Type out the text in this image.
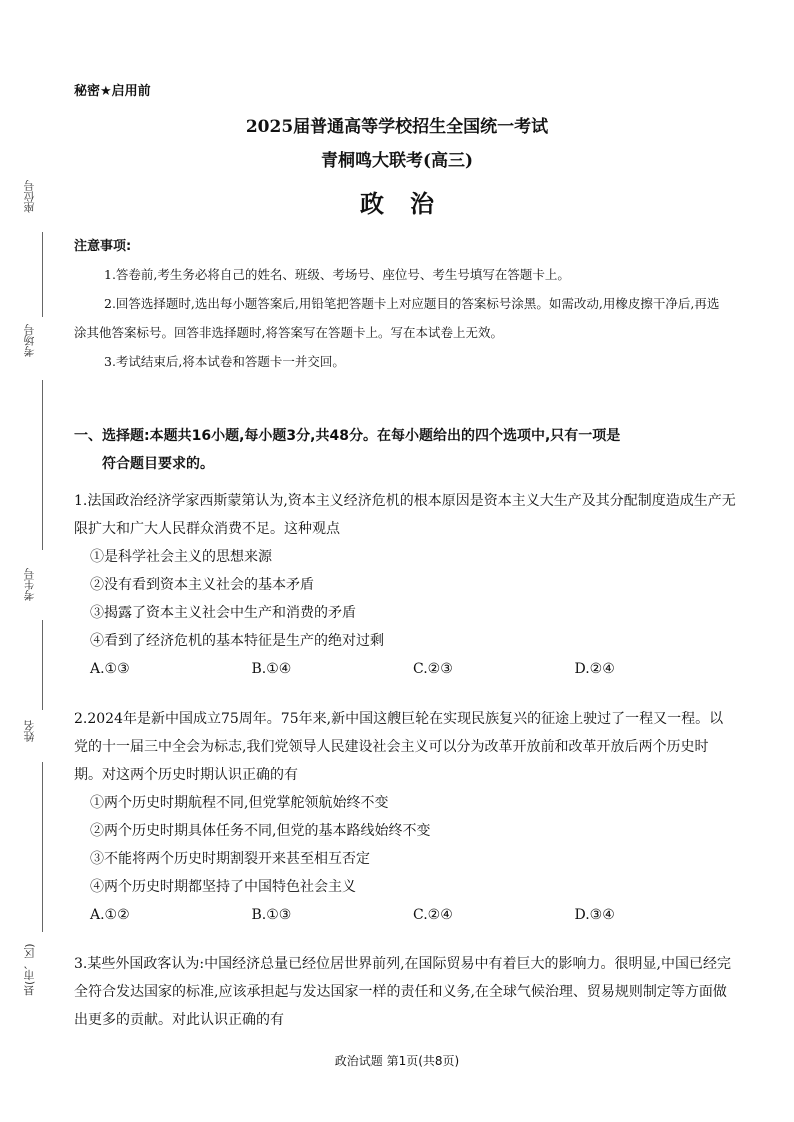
座位号
考场号
考生号
姓名
县(市、区)
秘密★启用前
2025届普通高等学校招生全国统一考试
青桐鸣大联考(高三)
政治
注意事项:

1.答卷前,考生务必将自己的姓名、班级、考场号、座位号、考生号填写在答题卡上。

2.回答选择题时,选出每小题答案后,用铅笔把答题卡上对应题目的答案标号涂黑。如需改动,用橡皮擦干净后,再选涂其他答案标号。回答非选择题时,将答案写在答题卡上。写在本试卷上无效。

3.考试结束后,将本试卷和答题卡一并交回。

一、选择题:本题共16小题,每小题3分,共48分。在每小题给出的四个选项中,只有一项是
符合题目要求的。

1.法国政治经济学家西斯蒙第认为,资本主义经济危机的根本原因是资本主义大生产及其分配制度造成生产无限扩大和广大人民群众消费不足。这种观点

①是科学社会主义的思想来源

②没有看到资本主义社会的基本矛盾

③揭露了资本主义社会中生产和消费的矛盾

④看到了经济危机的基本特征是生产的绝对过剩

A.①③	B.①④	C.②③	D.②④

2.2024年是新中国成立75周年。75年来,新中国这艘巨轮在实现民族复兴的征途上驶过了一程又一程。以党的十一届三中全会为标志,我们党领导人民建设社会主义可以分为改革开放前和改革开放后两个历史时期。对这两个历史时期认识正确的有

①两个历史时期航程不同,但党掌舵领航始终不变

②两个历史时期具体任务不同,但党的基本路线始终不变

③不能将两个历史时期割裂开来甚至相互否定

④两个历史时期都坚持了中国特色社会主义

A.①②	B.①③	C.②④	D.③④

3.某些外国政客认为:中国经济总量已经位居世界前列,在国际贸易中有着巨大的影响力。很明显,中国已经完全符合发达国家的标准,应该承担起与发达国家一样的责任和义务,在全球气候治理、贸易规则制定等方面做出更多的贡献。对此认识正确的有

政治试题 第1页(共8页)
